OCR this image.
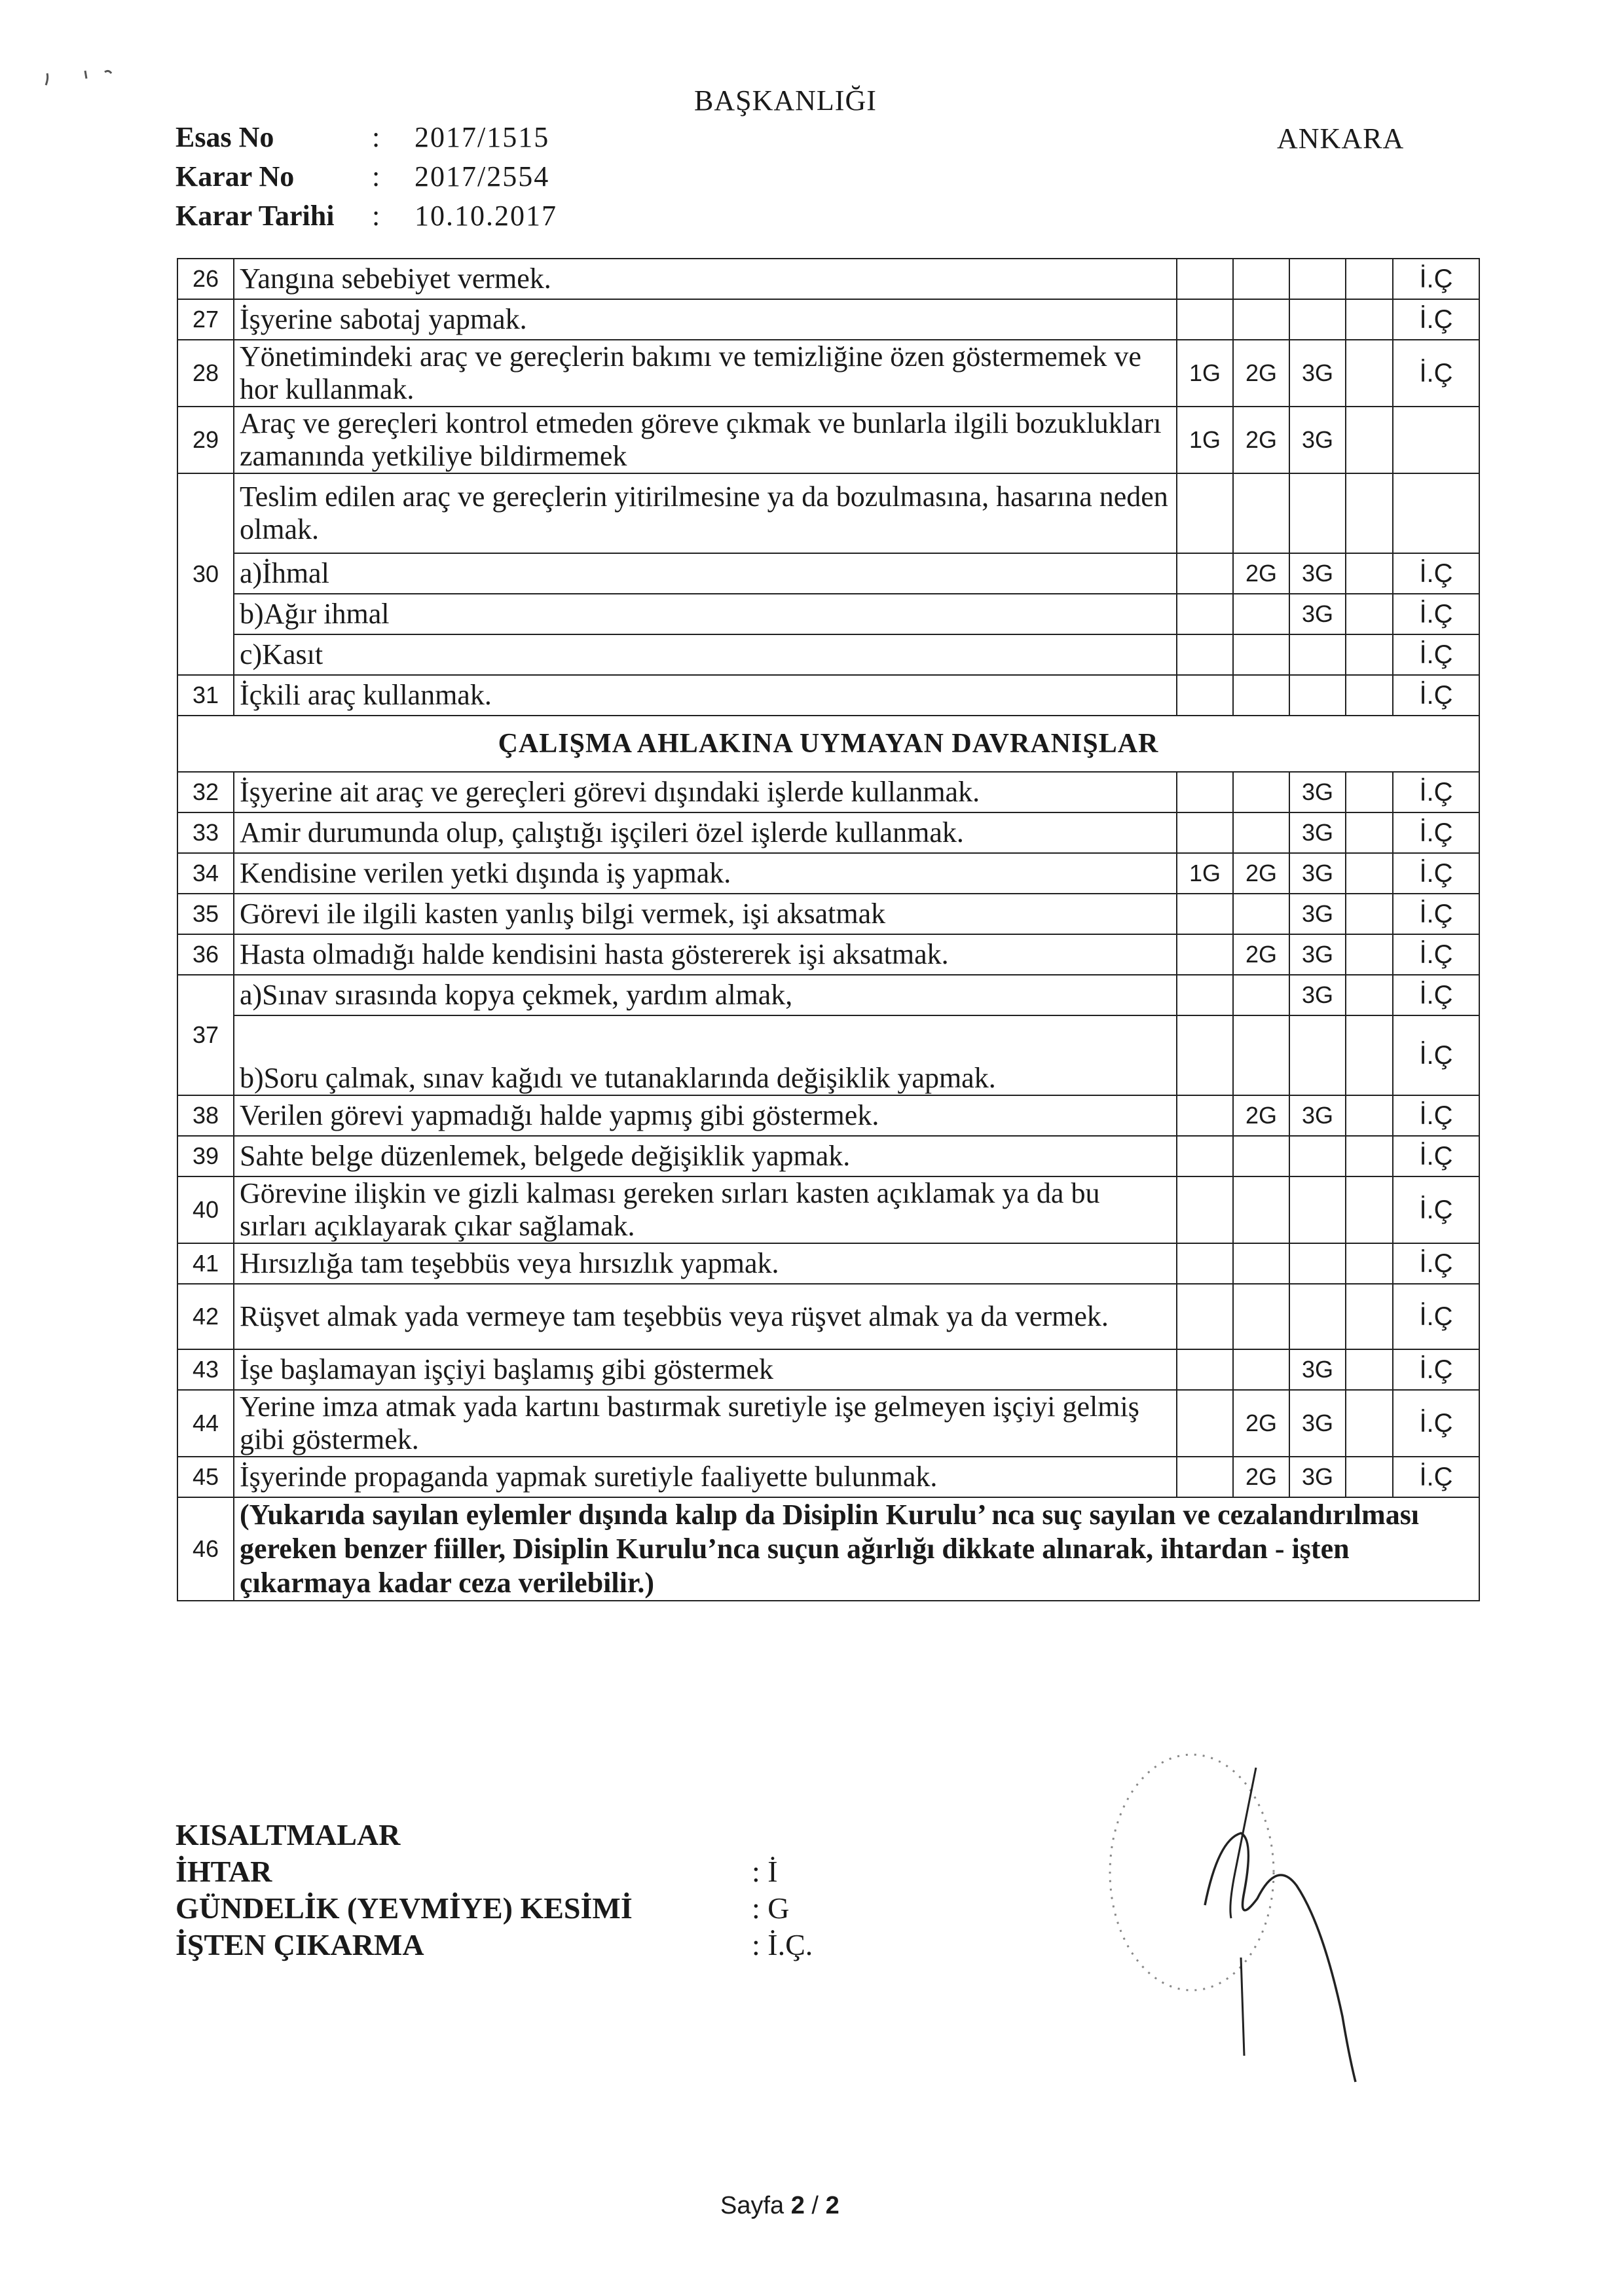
BAŞKANLIĞI
ANKARA
Esas No	:	2017/1515
Karar No	:	2017/2554
Karar Tarihi	:	10.10.2017
26	Yangına sebebiyet vermek.					İ.Ç
27	İşyerine sabotaj yapmak.					İ.Ç
28	Yönetimindeki araç ve gereçlerin bakımı ve temizliğine özen göstermemek ve hor kullanmak.	1G	2G	3G		İ.Ç
29	Araç ve gereçleri kontrol etmeden göreve çıkmak ve bunlarla ilgili bozuklukları zamanında yetkiliye bildirmemek	1G	2G	3G		
30	Teslim edilen araç ve gereçlerin yitirilmesine ya da bozulmasına, hasarına neden olmak.					
	a)İhmal		2G	3G		İ.Ç
	b)Ağır ihmal			3G		İ.Ç
	c)Kasıt					İ.Ç
31	İçkili araç kullanmak.					İ.Ç
ÇALIŞMA AHLAKINA UYMAYAN DAVRANIŞLAR						
32	İşyerine ait araç ve gereçleri görevi dışındaki işlerde kullanmak.			3G		İ.Ç
33	Amir durumunda olup, çalıştığı işçileri özel işlerde kullanmak.			3G		İ.Ç
34	Kendisine verilen yetki dışında iş yapmak.	1G	2G	3G		İ.Ç
35	Görevi ile ilgili kasten yanlış bilgi vermek, işi aksatmak			3G		İ.Ç
36	Hasta olmadığı halde kendisini hasta göstererek işi aksatmak.		2G	3G		İ.Ç
37	a)Sınav sırasında kopya çekmek, yardım almak,			3G		İ.Ç
	b)Soru çalmak, sınav kağıdı ve tutanaklarında değişiklik yapmak.					İ.Ç
38	Verilen görevi yapmadığı halde yapmış gibi göstermek.		2G	3G		İ.Ç
39	Sahte belge düzenlemek, belgede değişiklik yapmak.					İ.Ç
40	Görevine ilişkin ve gizli kalması gereken sırları kasten açıklamak ya da bu sırları açıklayarak çıkar sağlamak.					İ.Ç
41	Hırsızlığa tam teşebbüs veya hırsızlık yapmak.					İ.Ç
42	Rüşvet almak yada vermeye tam teşebbüs veya rüşvet almak ya da vermek.					İ.Ç
43	İşe başlamayan işçiyi başlamış gibi göstermek			3G		İ.Ç
44	Yerine imza atmak yada kartını bastırmak suretiyle işe gelmeyen işçiyi gelmiş gibi göstermek.		2G	3G		İ.Ç
45	İşyerinde propaganda yapmak suretiyle faaliyette bulunmak.		2G	3G		İ.Ç
46	(Yukarıda sayılan eylemler dışında kalıp da Disiplin Kurulu’ nca suç sayılan ve cezalandırılması gereken benzer fiiller, Disiplin Kurulu’nca suçun ağırlığı dikkate alınarak, ihtardan - işten çıkarmaya kadar ceza verilebilir.)					
KISALTMALAR
İHTAR	: İ
GÜNDELİK (YEVMİYE) KESİMİ	: G
İŞTEN ÇIKARMA	: İ.Ç.
Sayfa 2 / 2
